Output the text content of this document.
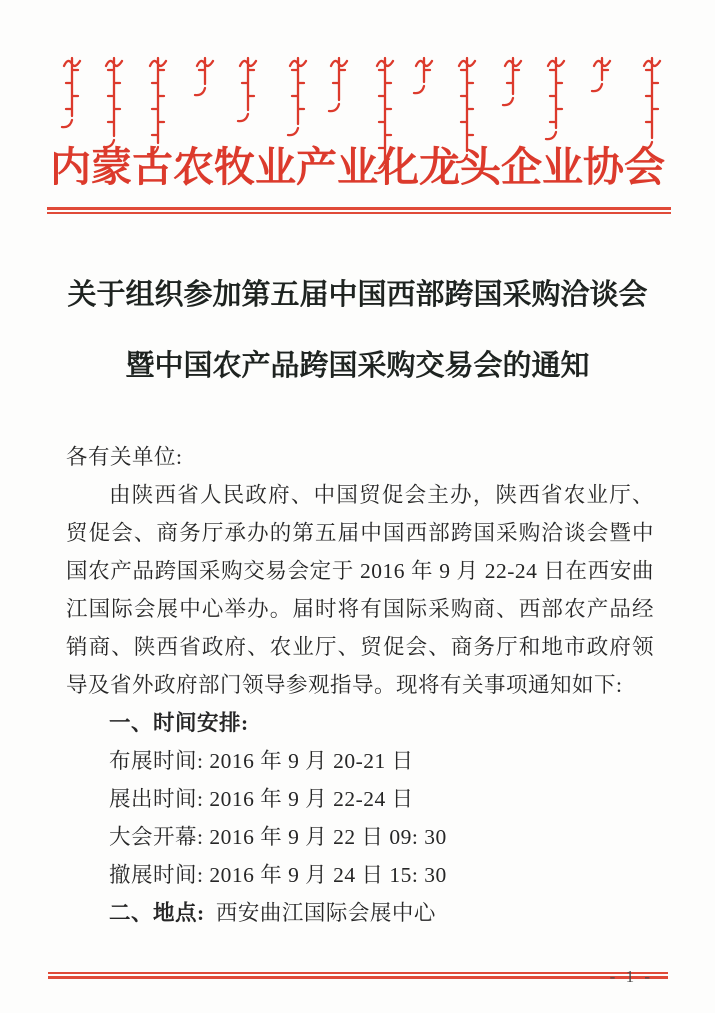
内蒙古农牧业产业化龙头企业协会
关于组织参加第五届中国西部跨国采购洽谈会
暨中国农产品跨国采购交易会的通知

各有关单位:

由陕西省人民政府、中国贸促会主办，陕西省农业厅、贸促会、商务厅承办的第五届中国西部跨国采购洽谈会暨中国农产品跨国采购交易会定于 2016 年 9 月 22-24 日在西安曲江国际会展中心举办。届时将有国际采购商、西部农产品经销商、陕西省政府、农业厅、贸促会、商务厅和地市政府领导及省外政府部门领导参观指导。现将有关事项通知如下:

一、时间安排:

布展时间: 2016 年 9 月 20-21 日

展出时间: 2016 年 9 月 22-24 日

大会开幕: 2016 年 9 月 22 日 09: 30

撤展时间: 2016 年 9 月 24 日 15: 30

二、地点:  西安曲江国际会展中心

- 1 -
